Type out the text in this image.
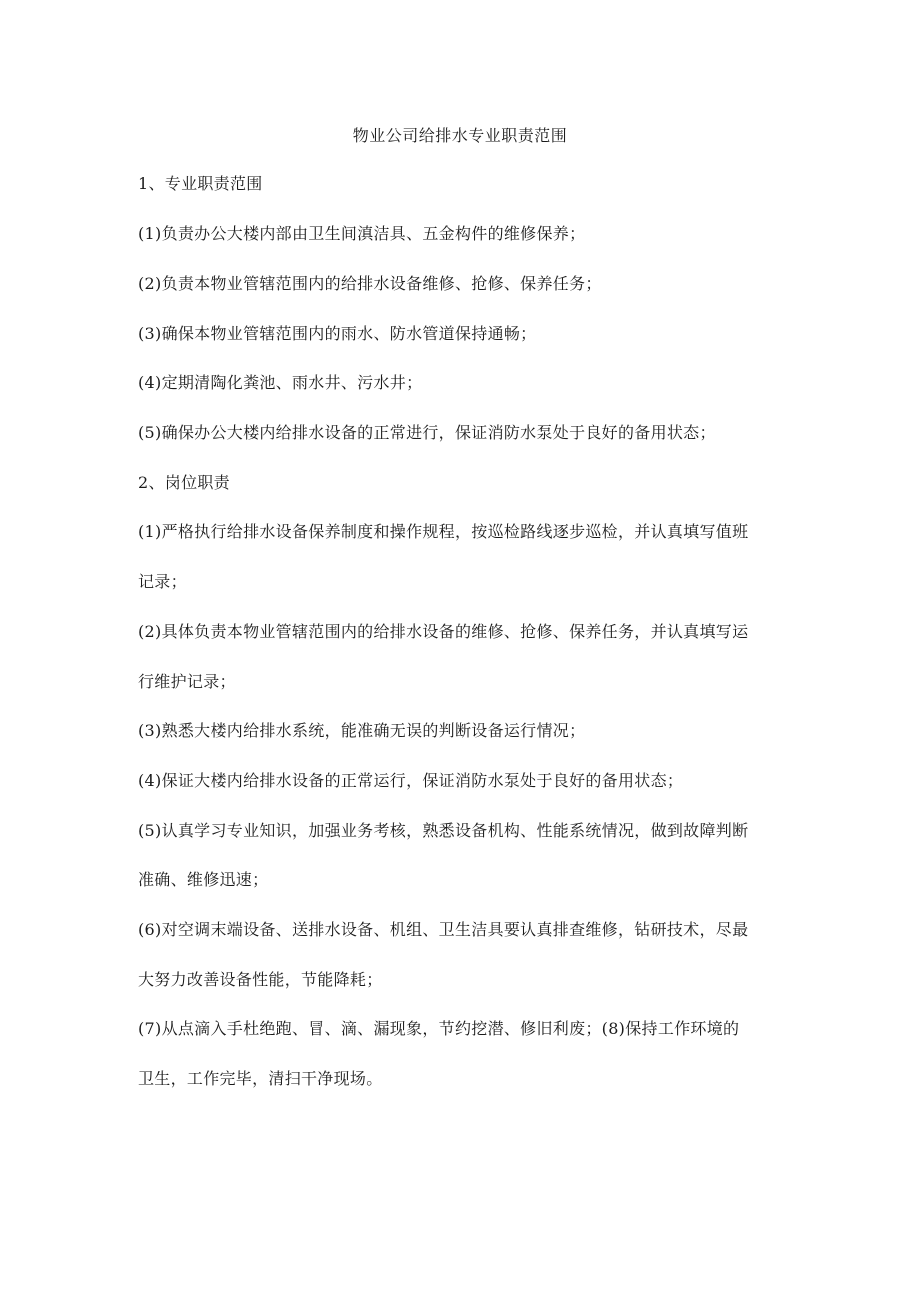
物业公司给排水专业职责范围
1、专业职责范围
(1)负责办公大楼内部由卫生间滇洁具、五金构件的维修保养；
(2)负责本物业管辖范围内的给排水设备维修、抢修、保养任务；
(3)确保本物业管辖范围内的雨水、防水管道保持通畅；
(4)定期清陶化粪池、雨水井、污水井；
(5)确保办公大楼内给排水设备的正常进行，保证消防水泵处于良好的备用状态；
2、岗位职责
(1)严格执行给排水设备保养制度和操作规程，按巡检路线逐步巡检，并认真填写值班
记录；
(2)具体负责本物业管辖范围内的给排水设备的维修、抢修、保养任务，并认真填写运
行维护记录；
(3)熟悉大楼内给排水系统，能准确无误的判断设备运行情况；
(4)保证大楼内给排水设备的正常运行，保证消防水泵处于良好的备用状态；
(5)认真学习专业知识，加强业务考核，熟悉设备机构、性能系统情况，做到故障判断
准确、维修迅速；
(6)对空调末端设备、送排水设备、机组、卫生洁具要认真排查维修，钻研技术，尽最
大努力改善设备性能，节能降耗；
(7)从点滴入手杜绝跑、冒、滴、漏现象，节约挖潜、修旧利废；(8)保持工作环境的
卫生，工作完毕，清扫干净现场。
